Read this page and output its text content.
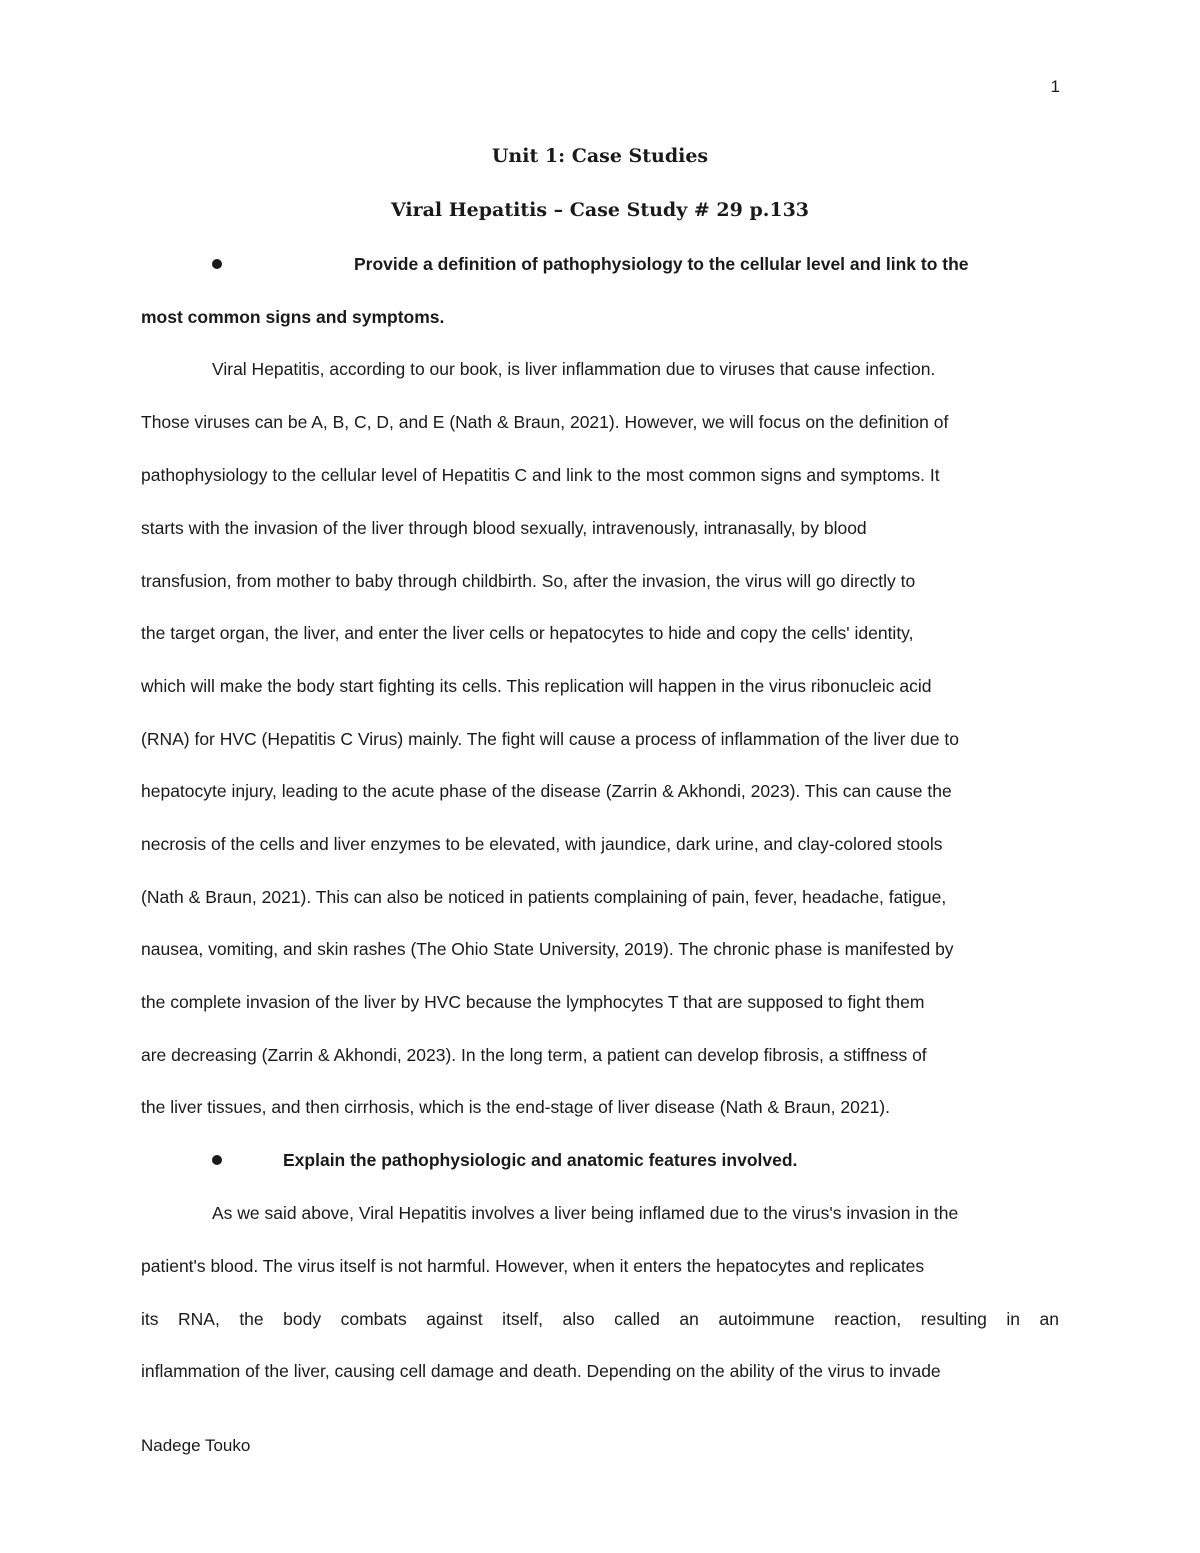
1
Unit 1: Case Studies
Viral Hepatitis – Case Study # 29 p.133
Provide a definition of pathophysiology to the cellular level and link to the
most common signs and symptoms.
Viral Hepatitis, according to our book, is liver inflammation due to viruses that cause infection.
Those viruses can be A, B, C, D, and E (Nath & Braun, 2021). However, we will focus on the definition of
pathophysiology to the cellular level of Hepatitis C and link to the most common signs and symptoms. It
starts with the invasion of the liver through blood sexually, intravenously, intranasally, by blood
transfusion, from mother to baby through childbirth. So, after the invasion, the virus will go directly to
the target organ, the liver, and enter the liver cells or hepatocytes to hide and copy the cells' identity,
which will make the body start fighting its cells. This replication will happen in the virus ribonucleic acid
(RNA) for HVC (Hepatitis C Virus) mainly. The fight will cause a process of inflammation of the liver due to
hepatocyte injury, leading to the acute phase of the disease (Zarrin & Akhondi, 2023). This can cause the
necrosis of the cells and liver enzymes to be elevated, with jaundice, dark urine, and clay-colored stools
(Nath & Braun, 2021). This can also be noticed in patients complaining of pain, fever, headache, fatigue,
nausea, vomiting, and skin rashes (The Ohio State University, 2019). The chronic phase is manifested by
the complete invasion of the liver by HVC because the lymphocytes T that are supposed to fight them
are decreasing (Zarrin & Akhondi, 2023). In the long term, a patient can develop fibrosis, a stiffness of
the liver tissues, and then cirrhosis, which is the end-stage of liver disease (Nath & Braun, 2021).
Explain the pathophysiologic and anatomic features involved.
As we said above, Viral Hepatitis involves a liver being inflamed due to the virus's invasion in the
patient's blood. The virus itself is not harmful. However, when it enters the hepatocytes and replicates
its RNA, the body combats against itself, also called an autoimmune reaction, resulting in an
inflammation of the liver, causing cell damage and death. Depending on the ability of the virus to invade
Nadege Touko
